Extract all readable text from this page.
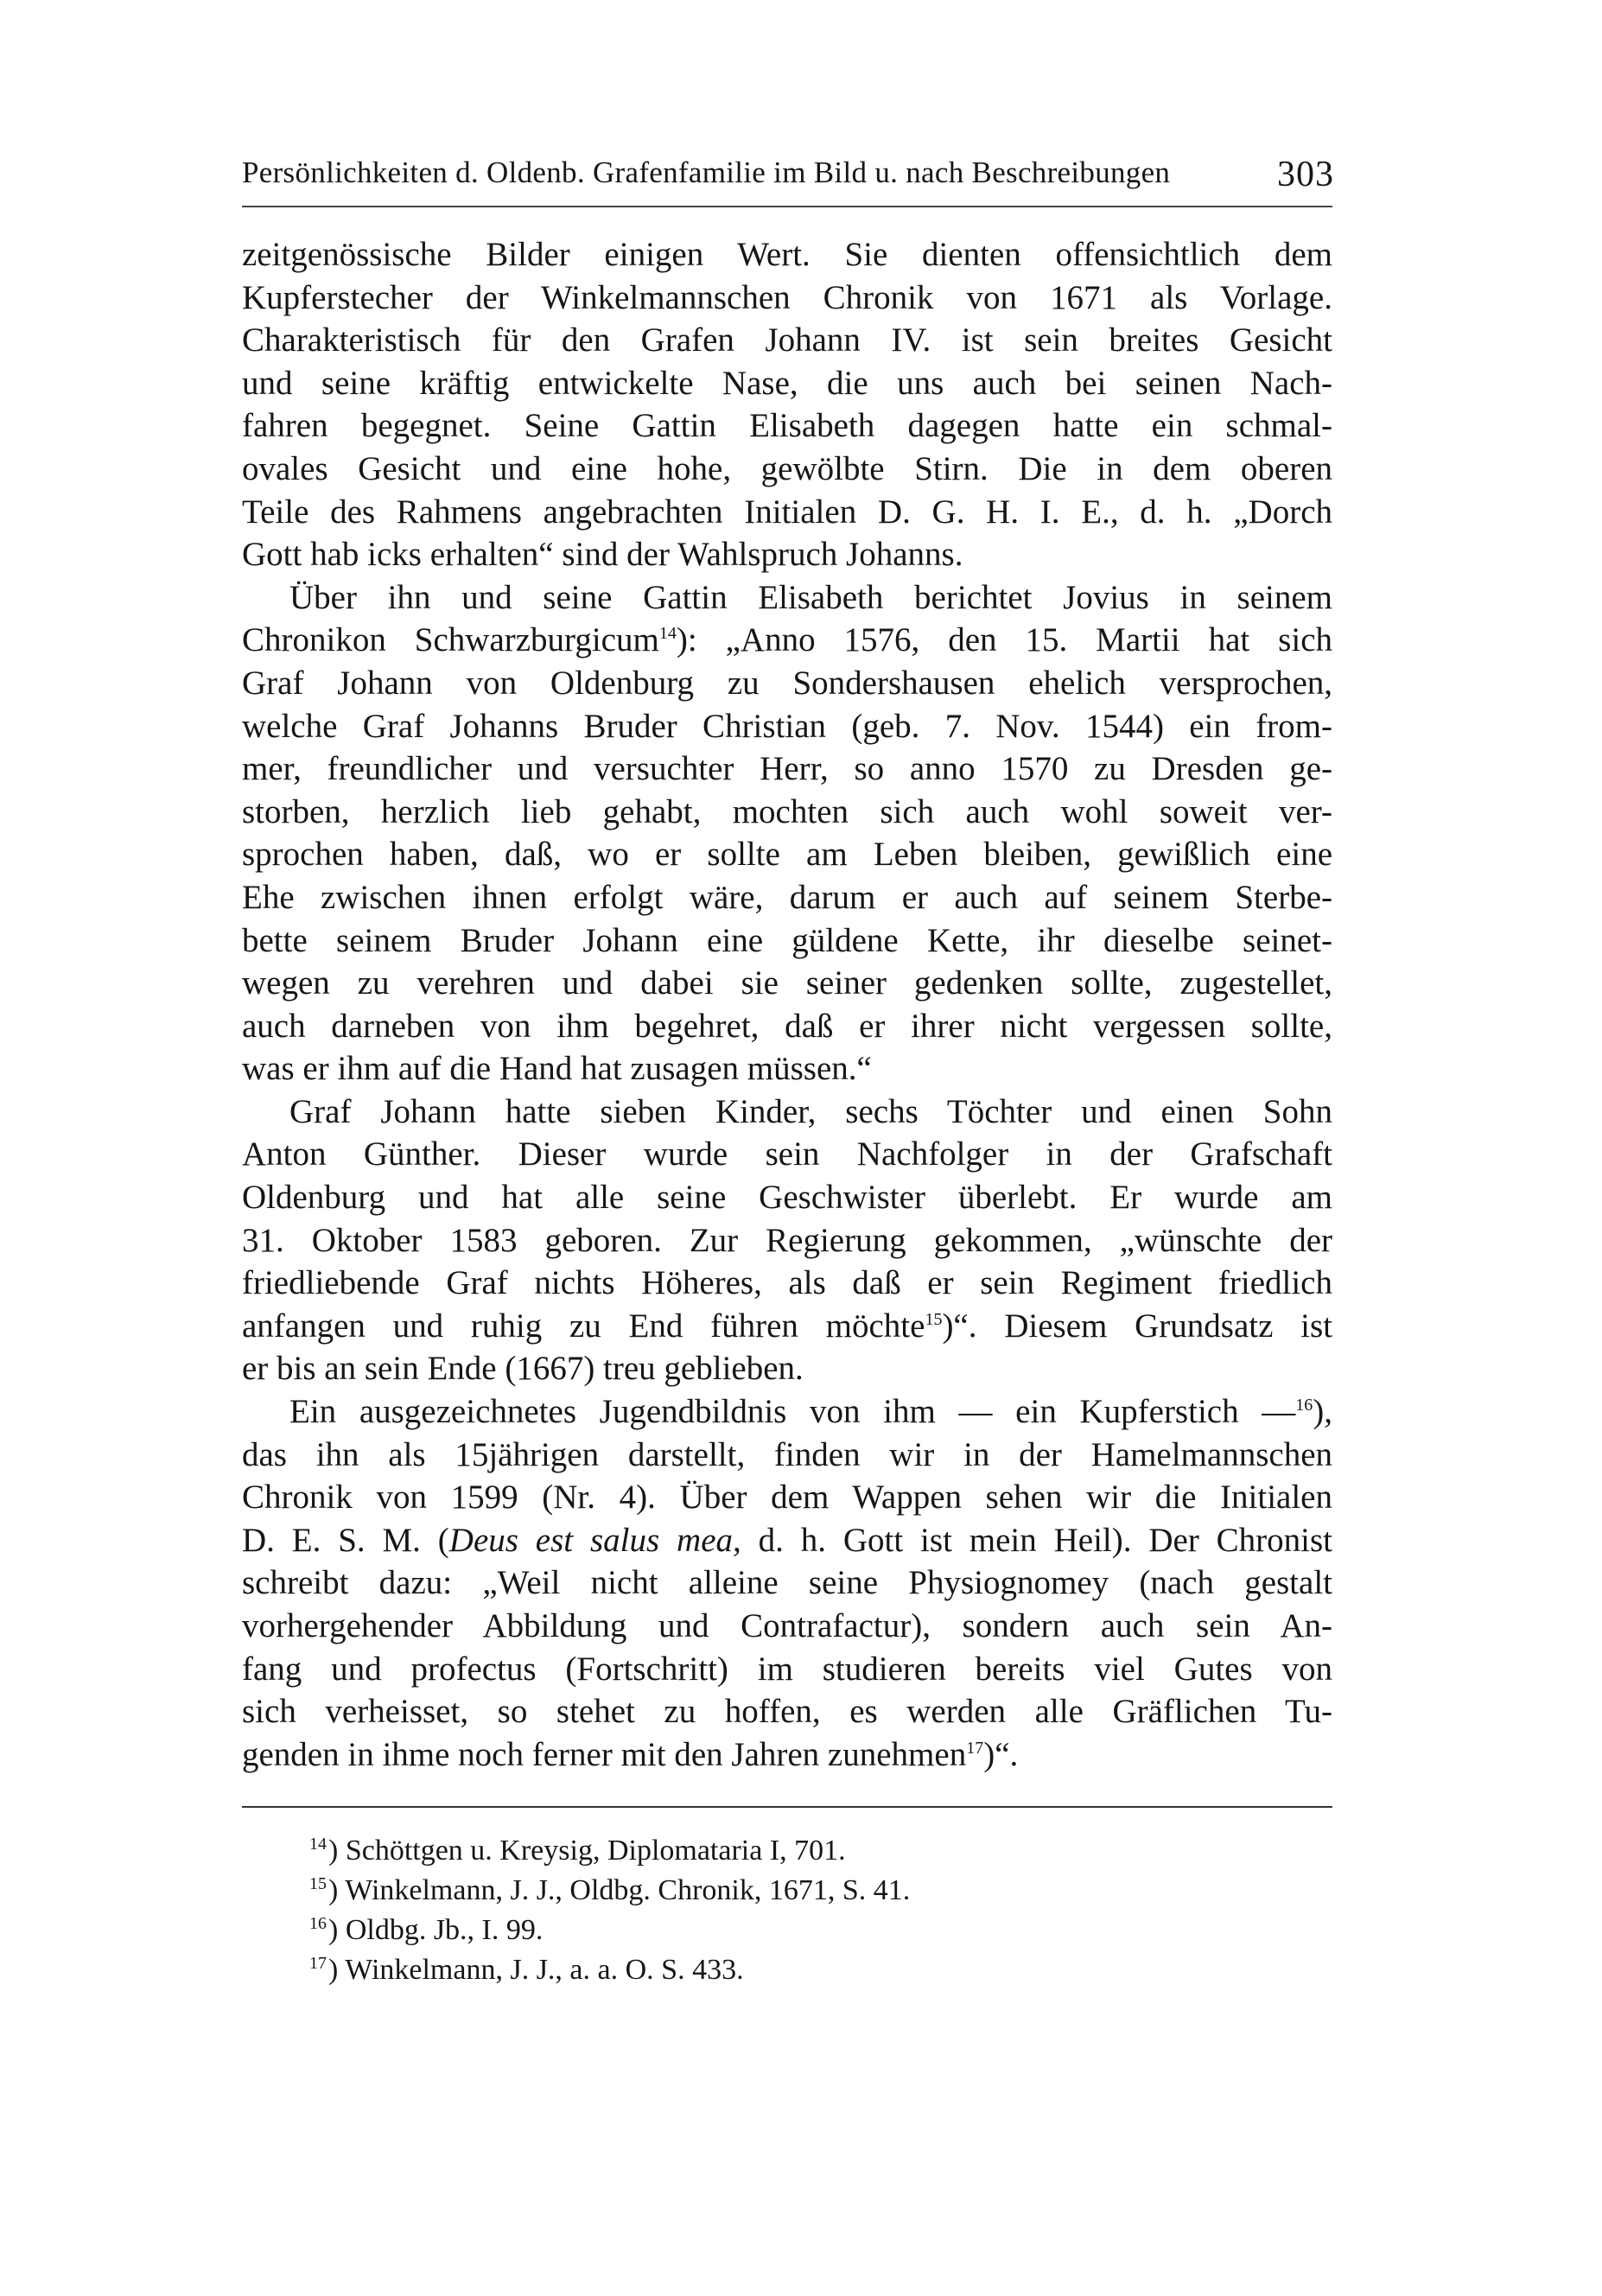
Persönlichkeiten d. Oldenb. Grafenfamilie im Bild u. nach Beschreibungen	303
zeitgenössische Bilder einigen Wert. Sie dienten offensichtlich dem
Kupferstecher der Winkelmannschen Chronik von 1671 als Vorlage.
Charakteristisch für den Grafen Johann IV. ist sein breites Gesicht
und seine kräftig entwickelte Nase, die uns auch bei seinen Nach-
fahren begegnet. Seine Gattin Elisabeth dagegen hatte ein schmal-
ovales Gesicht und eine hohe, gewölbte Stirn. Die in dem oberen
Teile des Rahmens angebrachten Initialen D. G. H. I. E., d. h. „Dorch
Gott hab icks erhalten“ sind der Wahlspruch Johanns.
Über ihn und seine Gattin Elisabeth berichtet Jovius in seinem
Chronikon Schwarzburgicum$^{14}$): „Anno 1576, den 15. Martii hat sich
Graf Johann von Oldenburg zu Sondershausen ehelich versprochen,
welche Graf Johanns Bruder Christian (geb. 7. Nov. 1544) ein from-
mer, freundlicher und versuchter Herr, so anno 1570 zu Dresden ge-
storben, herzlich lieb gehabt, mochten sich auch wohl soweit ver-
sprochen haben, daß, wo er sollte am Leben bleiben, gewißlich eine
Ehe zwischen ihnen erfolgt wäre, darum er auch auf seinem Sterbe-
bette seinem Bruder Johann eine güldene Kette, ihr dieselbe seinet-
wegen zu verehren und dabei sie seiner gedenken sollte, zugestellet,
auch darneben von ihm begehret, daß er ihrer nicht vergessen sollte,
was er ihm auf die Hand hat zusagen müssen.“
Graf Johann hatte sieben Kinder, sechs Töchter und einen Sohn
Anton Günther. Dieser wurde sein Nachfolger in der Grafschaft
Oldenburg und hat alle seine Geschwister überlebt. Er wurde am
31. Oktober 1583 geboren. Zur Regierung gekommen, „wünschte der
friedliebende Graf nichts Höheres, als daß er sein Regiment friedlich
anfangen und ruhig zu End führen möchte$^{15}$)“. Diesem Grundsatz ist
er bis an sein Ende (1667) treu geblieben.
Ein ausgezeichnetes Jugendbildnis von ihm — ein Kupferstich —$^{16}$),
das ihn als 15jährigen darstellt, finden wir in der Hamelmannschen
Chronik von 1599 (Nr. 4). Über dem Wappen sehen wir die Initialen
D. E. S. M. (Deus est salus mea, d. h. Gott ist mein Heil). Der Chronist
schreibt dazu: „Weil nicht alleine seine Physiognomey (nach gestalt
vorhergehender Abbildung und Contrafactur), sondern auch sein An-
fang und profectus (Fortschritt) im studieren bereits viel Gutes von
sich verheisset, so stehet zu hoffen, es werden alle Gräflichen Tu-
genden in ihme noch ferner mit den Jahren zunehmen$^{17}$)“.
$^{14}$) Schöttgen u. Kreysig, Diplomataria I, 701.
$^{15}$) Winkelmann, J. J., Oldbg. Chronik, 1671, S. 41.
$^{16}$) Oldbg. Jb., I. 99.
$^{17}$) Winkelmann, J. J., a. a. O. S. 433.
